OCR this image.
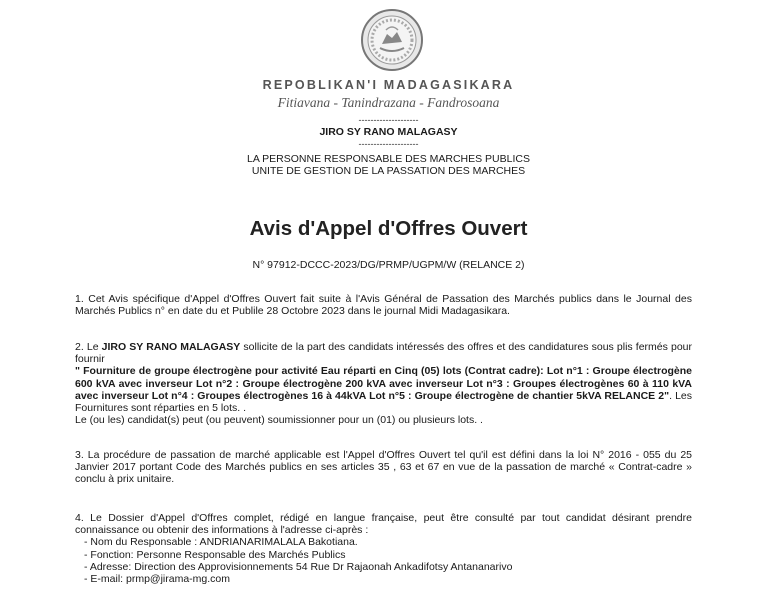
REPOBLIKAN'I MADAGASIKARA
Fitiavana - Tanindrazana - Fandrosoana
--------------------
JIRO SY RANO MALAGASY
--------------------
LA PERSONNE RESPONSABLE DES MARCHES PUBLICS
UNITE DE GESTION DE LA PASSATION DES MARCHES
Avis d'Appel d'Offres Ouvert
N° 97912-DCCC-2023/DG/PRMP/UGPM/W (RELANCE 2)
1. Cet Avis spécifique d'Appel d'Offres Ouvert fait suite à l'Avis Général de Passation des Marchés publics dans le Journal des Marchés Publics n° en date du et Publile 28 Octobre 2023 dans le journal Midi Madagasikara.
2. Le JIRO SY RANO MALAGASY sollicite de la part des candidats intéressés des offres et des candidatures sous plis fermés pour fournir
" Fourniture de groupe électrogène pour activité Eau réparti en Cinq (05) lots (Contrat cadre): Lot n°1 : Groupe électrogène 600 kVA avec inverseur Lot n°2 : Groupe électrogène 200 kVA avec inverseur Lot n°3 : Groupes électrogènes 60 à 110 kVA avec inverseur Lot n°4 : Groupes électrogènes 16 à 44kVA Lot n°5 : Groupe électrogène de chantier 5kVA RELANCE 2". Les Fournitures sont réparties en 5 lots. .
Le (ou les) candidat(s) peut (ou peuvent) soumissionner pour un (01) ou plusieurs lots. .
3. La procédure de passation de marché applicable est l'Appel d'Offres Ouvert tel qu'il est défini dans la loi N° 2016 - 055 du 25 Janvier 2017 portant Code des Marchés publics en ses articles 35 , 63 et 67 en vue de la passation de marché « Contrat-cadre » conclu à prix unitaire.
4. Le Dossier d'Appel d'Offres complet, rédigé en langue française, peut être consulté par tout candidat désirant prendre connaissance ou obtenir des informations à l'adresse ci-après :
- Nom du Responsable : ANDRIANARIMALALA Bakotiana.
- Fonction: Personne Responsable des Marchés Publics
- Adresse: Direction des Approvisionnements 54 Rue Dr Rajaonah Ankadifotsy Antananarivo
- E-mail: prmp@jirama-mg.com
